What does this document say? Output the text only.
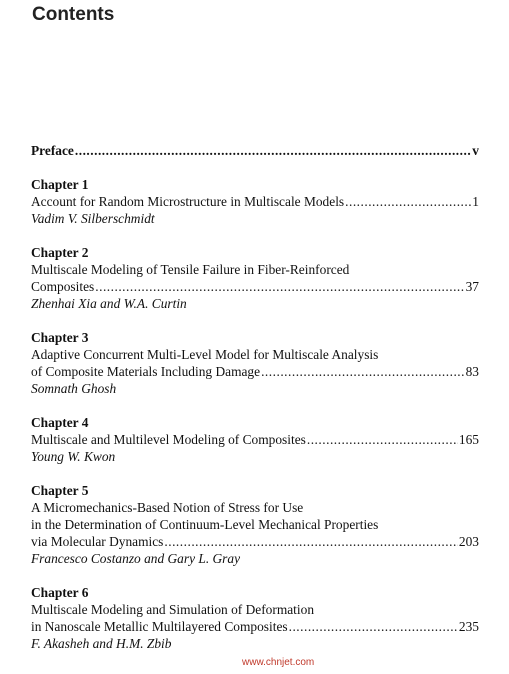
Contents
Preface .....	v
Chapter 1
Account for Random Microstructure in Multiscale Models .....	1
Vadim V. Silberschmidt
Chapter 2
Multiscale Modeling of Tensile Failure in Fiber-Reinforced
Composites .....	37
Zhenhai Xia and W.A. Curtin
Chapter 3
Adaptive Concurrent Multi-Level Model for Multiscale Analysis
of Composite Materials Including Damage .....	83
Somnath Ghosh
Chapter 4
Multiscale and Multilevel Modeling of Composites .....	165
Young W. Kwon
Chapter 5
A Micromechanics-Based Notion of Stress for Use
in the Determination of Continuum-Level Mechanical Properties
via Molecular Dynamics .....	203
Francesco Costanzo and Gary L. Gray
Chapter 6
Multiscale Modeling and Simulation of Deformation
in Nanoscale Metallic Multilayered Composites .....	235
F. Akasheh and H.M. Zbib
www.chnjet.com
